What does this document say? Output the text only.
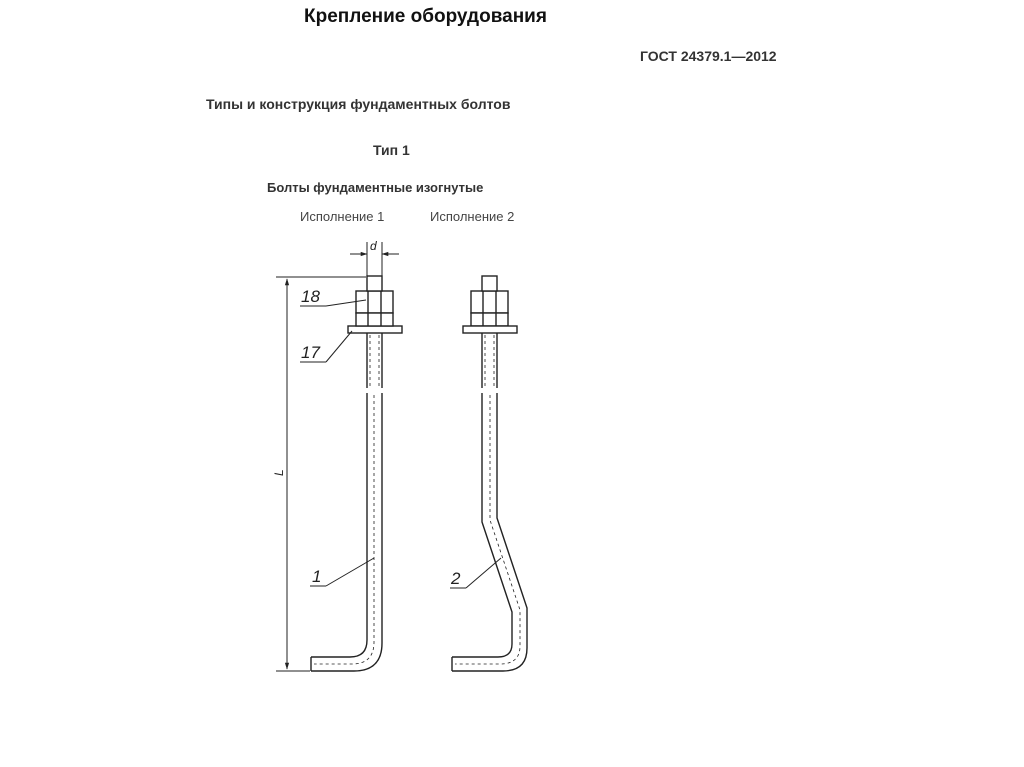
Крепление оборудования
ГОСТ 24379.1—2012
Типы и конструкция фундаментных болтов
Тип 1
Болты фундаментные изогнутые
Исполнение 1	Исполнение 2
d
L
18
17
1	2
